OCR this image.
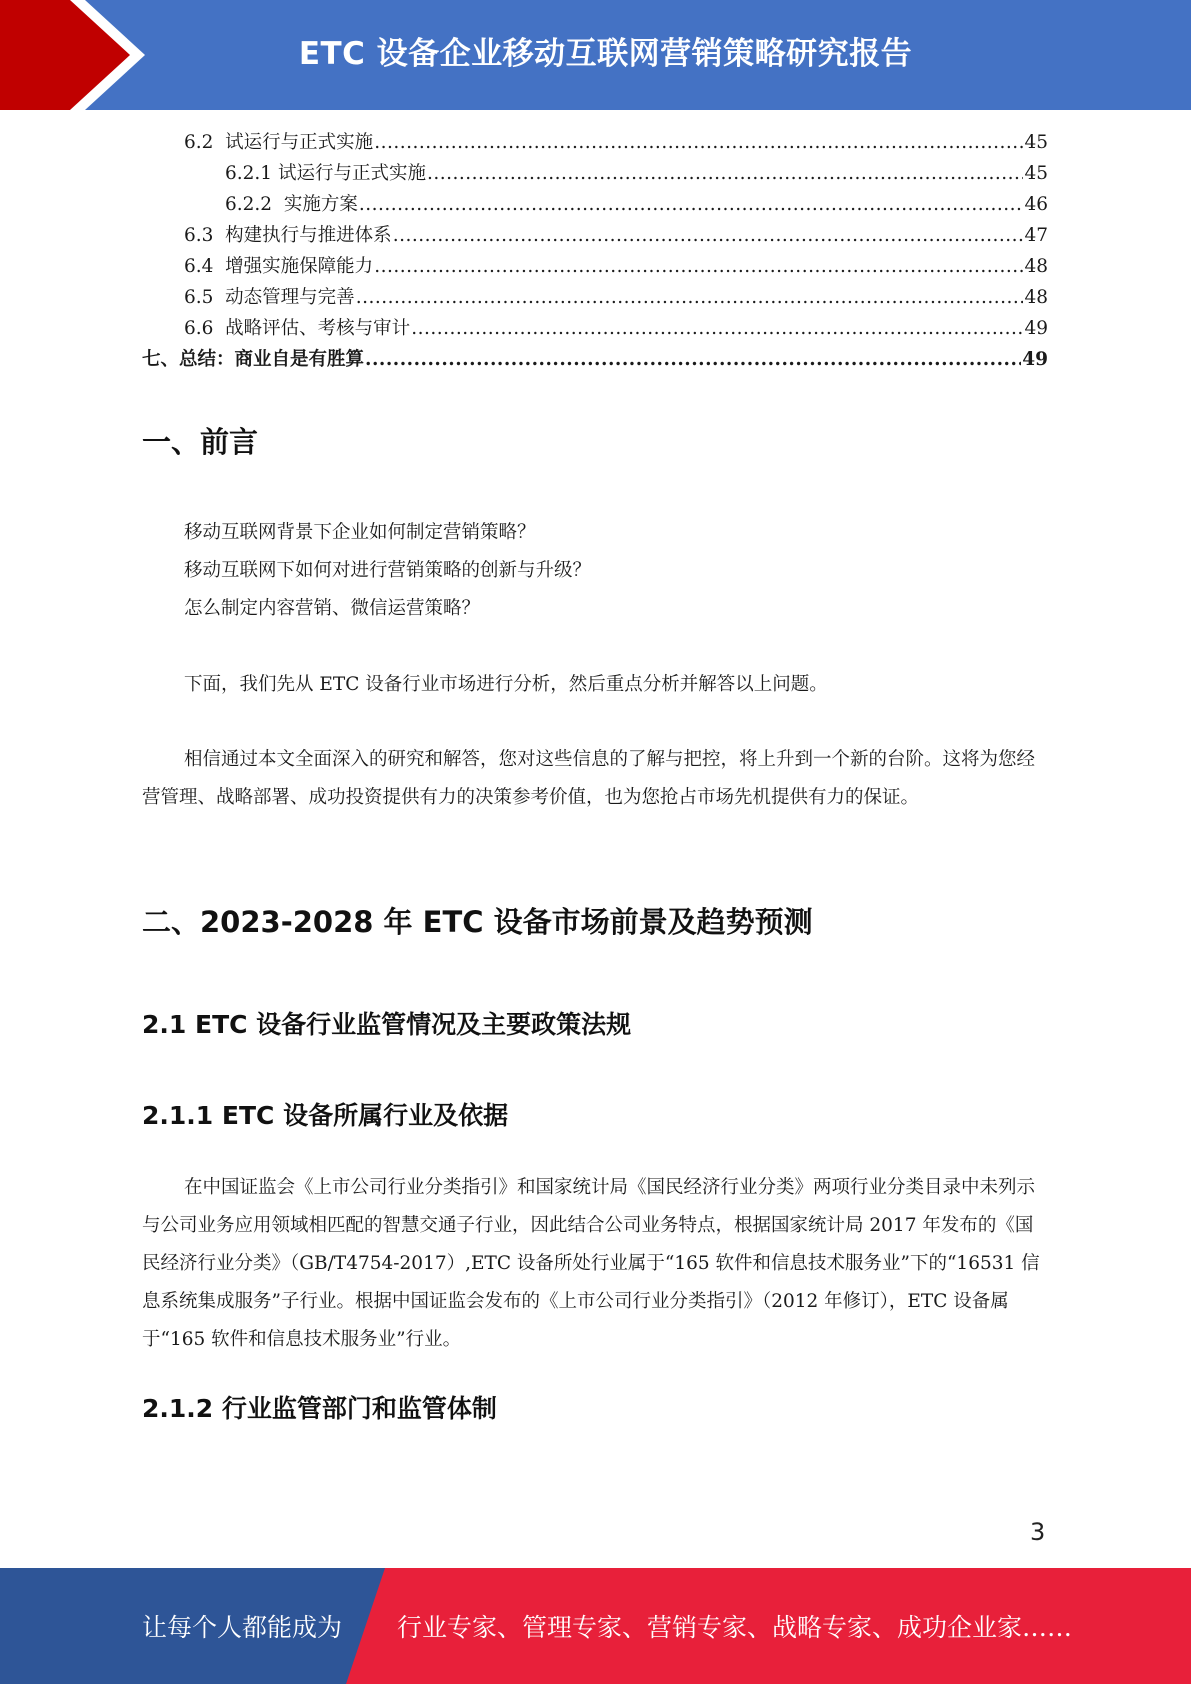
ETC 设备企业移动互联网营销策略研究报告
6.2  试运行与正式实施 .....	45
6.2.1 试运行与正式实施 .....	45
6.2.2  实施方案 .....	46
6.3  构建执行与推进体系 .....	47
6.4  增强实施保障能力 .....	48
6.5  动态管理与完善 .....	48
6.6  战略评估、考核与审计 .....	49
七、总结：商业自是有胜算 .....	49
一、前言
移动互联网背景下企业如何制定营销策略？
移动互联网下如何对进行营销策略的创新与升级？
怎么制定内容营销、微信运营策略？
下面，我们先从 ETC 设备行业市场进行分析，然后重点分析并解答以上问题。
相信通过本文全面深入的研究和解答，您对这些信息的了解与把控，将上升到一个新的台阶。这将为您经营管理、战略部署、成功投资提供有力的决策参考价值，也为您抢占市场先机提供有力的保证。
二、2023-2028 年 ETC 设备市场前景及趋势预测
2.1 ETC 设备行业监管情况及主要政策法规
2.1.1 ETC 设备所属行业及依据
在中国证监会《上市公司行业分类指引》和国家统计局《国民经济行业分类》两项行业分类目录中未列示与公司业务应用领域相匹配的智慧交通子行业，因此结合公司业务特点，根据国家统计局 2017 年发布的《国民经济行业分类》（GB/T4754-2017）,ETC 设备所处行业属于“165 软件和信息技术服务业”下的“16531 信息系统集成服务”子行业。根据中国证监会发布的《上市公司行业分类指引》（2012 年修订），ETC 设备属于“165 软件和信息技术服务业”行业。
2.1.2 行业监管部门和监管体制
3
让每个人都能成为 行业专家、管理专家、营销专家、战略专家、成功企业家……
